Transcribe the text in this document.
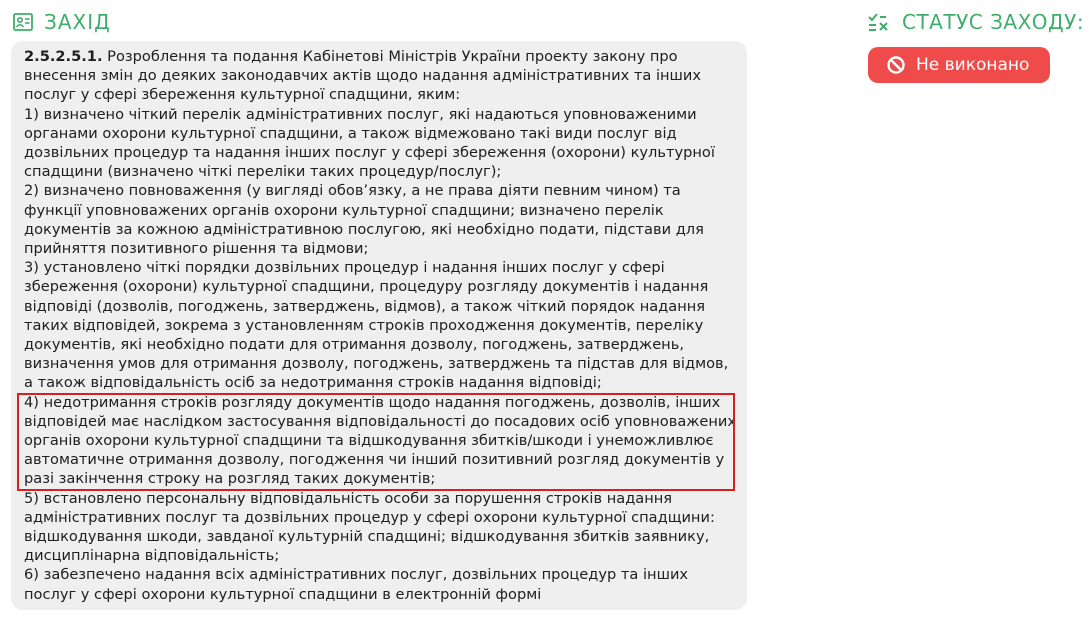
ЗАХІД	СТАТУС ЗАХОДУ:
Не виконано

2.5.2.5.1. Розроблення та подання Кабінетові Міністрів України проекту закону про внесення змін до деяких законодавчих актів щодо надання адміністративних та інших послуг у сфері збереження культурної спадщини, яким:

1) визначено чіткий перелік адміністративних послуг, які надаються уповноваженими органами охорони культурної спадщини, а також відмежовано такі види послуг від дозвільних процедур та надання інших послуг у сфері збереження (охорони) культурної спадщини (визначено чіткі переліки таких процедур/послуг);

2) визначено повноваження (у вигляді обов’язку, а не права діяти певним чином) та функції уповноважених органів охорони культурної спадщини; визначено перелік документів за кожною адміністративною послугою, які необхідно подати, підстави для прийняття позитивного рішення та відмови;

3) установлено чіткі порядки дозвільних процедур і надання інших послуг у сфері збереження (охорони) культурної спадщини, процедуру розгляду документів і надання відповіді (дозволів, погоджень, затверджень, відмов), а також чіткий порядок надання таких відповідей, зокрема з установленням строків проходження документів, переліку документів, які необхідно подати для отримання дозволу, погоджень, затверджень, визначення умов для отримання дозволу, погоджень, затверджень та підстав для відмов, а також відповідальність осіб за недотримання строків надання відповіді;

4) недотримання строків розгляду документів щодо надання погоджень, дозволів, інших відповідей має наслідком застосування відповідальності до посадових осіб уповноважених органів охорони культурної спадщини та відшкодування збитків/шкоди і унеможливлює автоматичне отримання дозволу, погодження чи інший позитивний розгляд документів у разі закінчення строку на розгляд таких документів;

5) встановлено персональну відповідальність особи за порушення строків надання адміністративних послуг та дозвільних процедур у сфері охорони культурної спадщини: відшкодування шкоди, завданої культурній спадщині; відшкодування збитків заявнику, дисциплінарна відповідальність;

6) забезпечено надання всіх адміністративних послуг, дозвільних процедур та інших послуг у сфері охорони культурної спадщини в електронній формі
